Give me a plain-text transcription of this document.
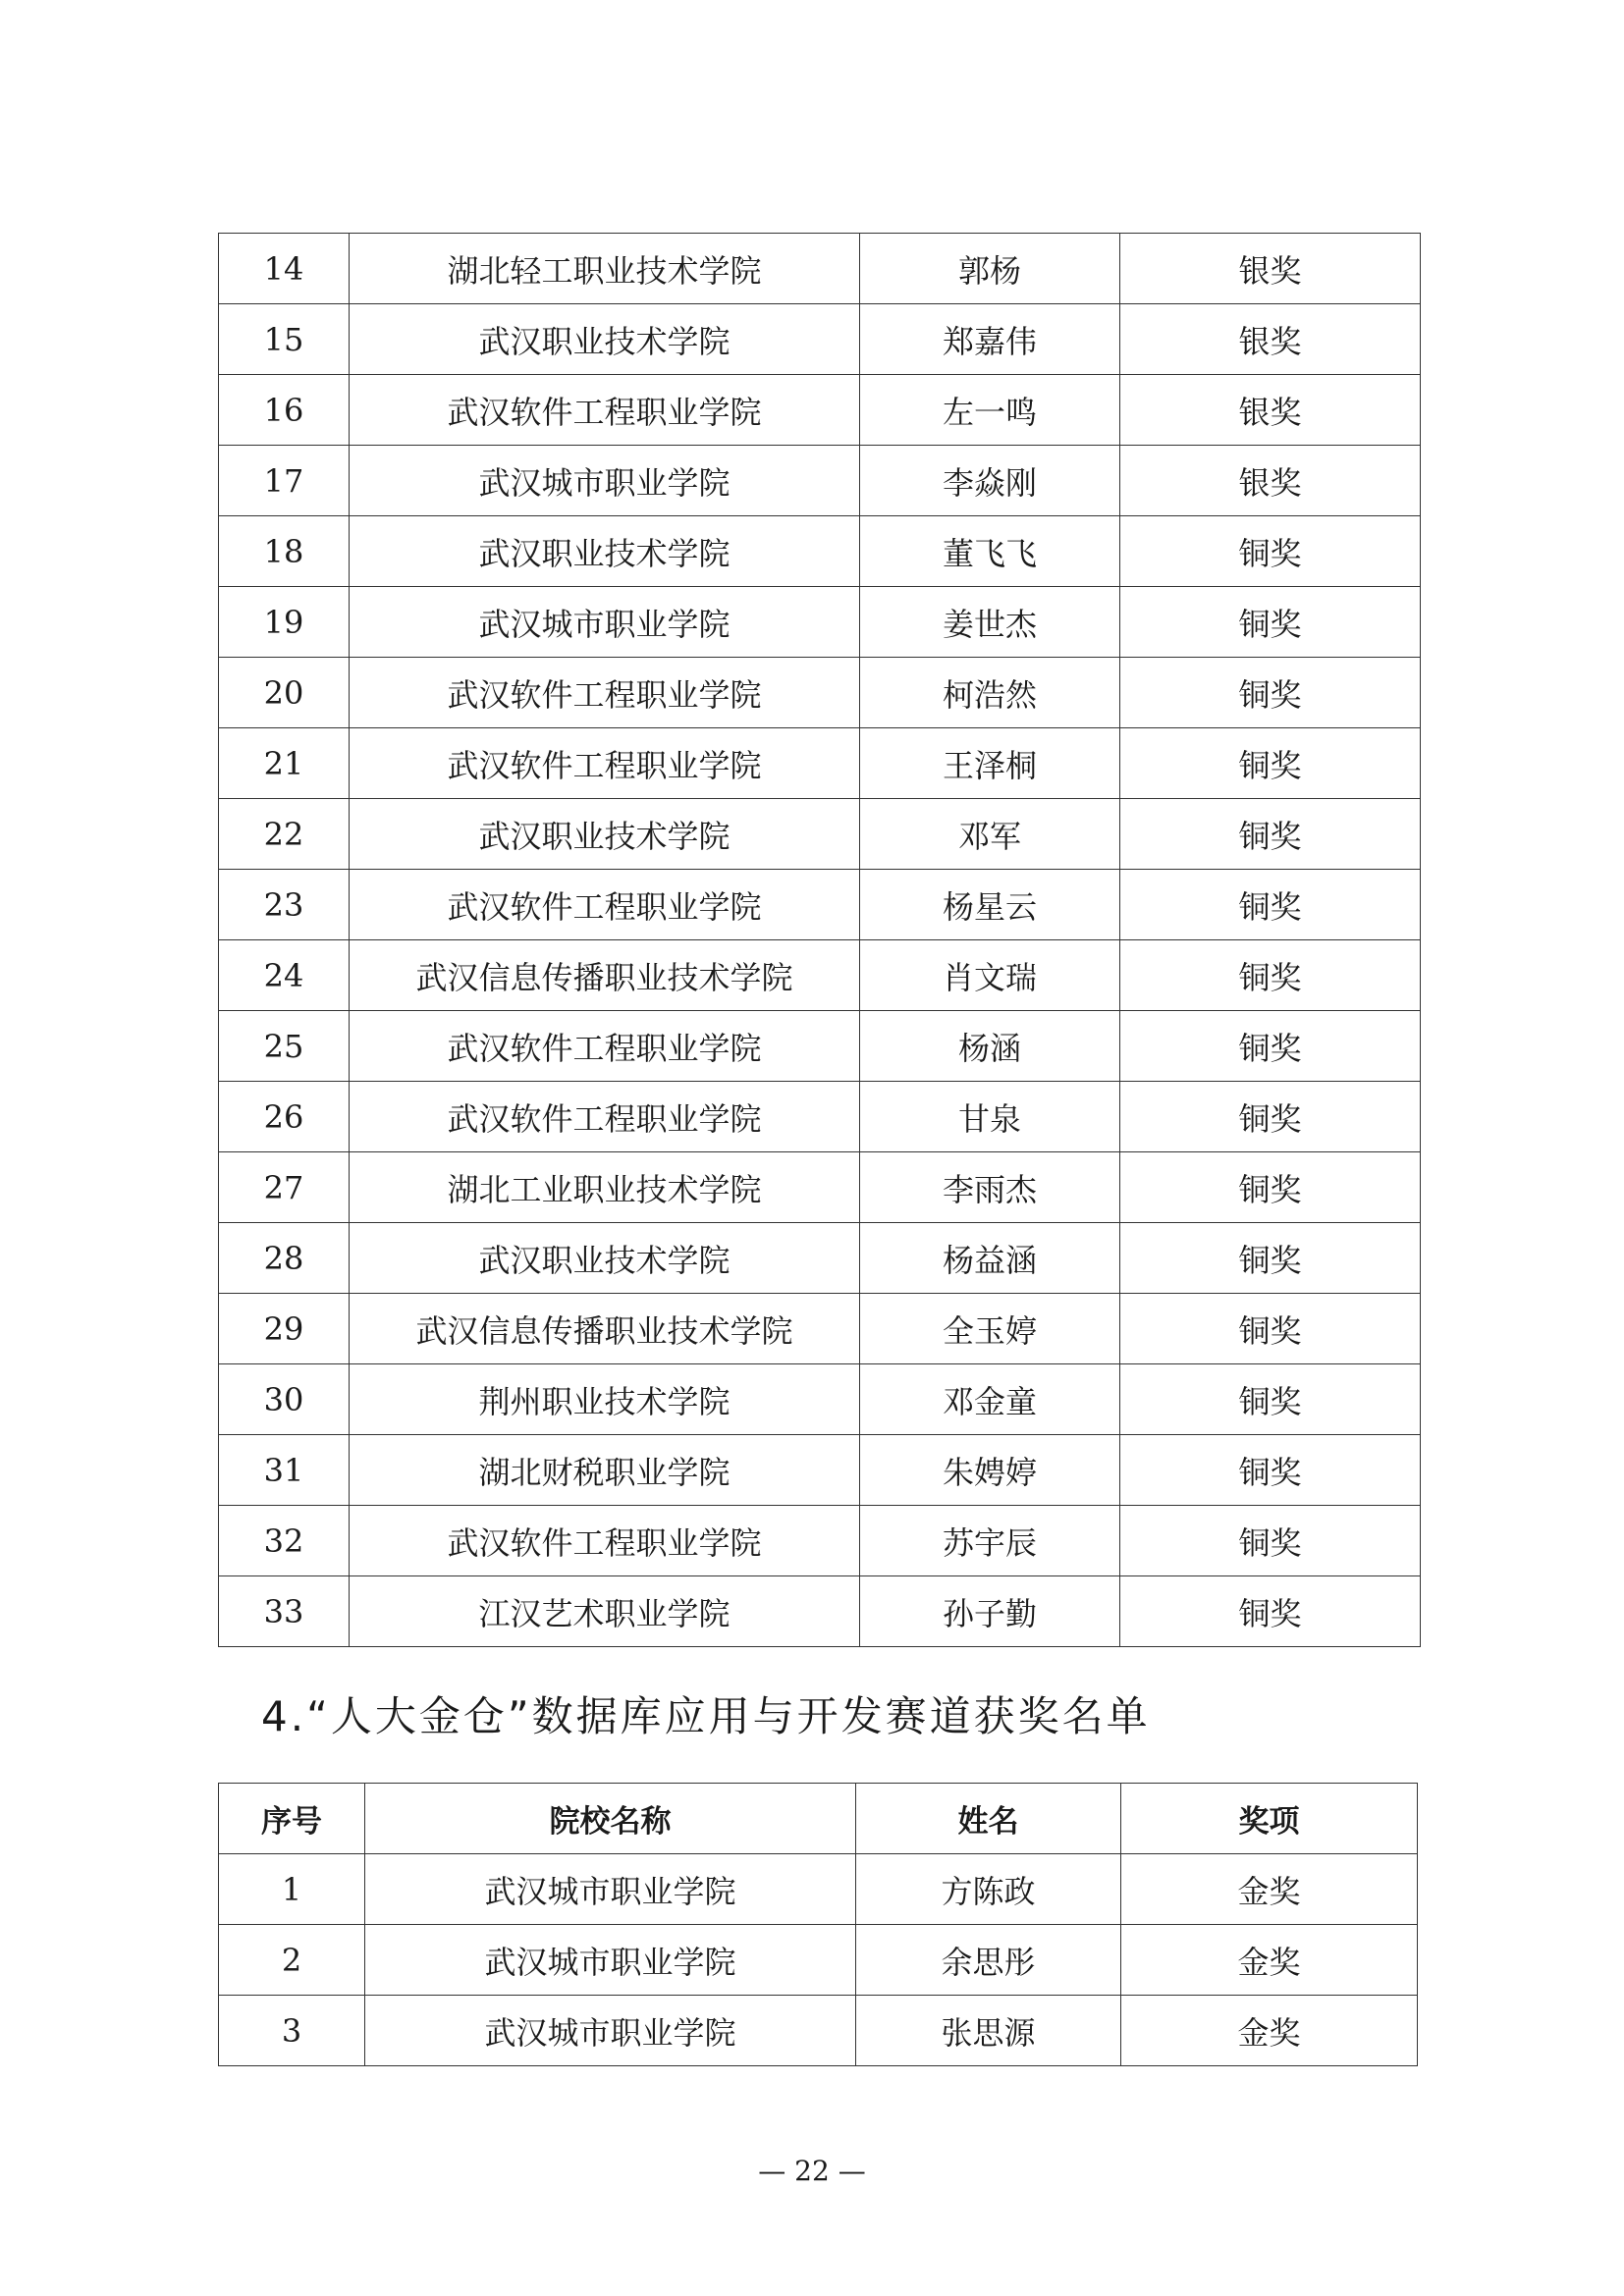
14	湖北轻工职业技术学院	郭杨	银奖
15	武汉职业技术学院	郑嘉伟	银奖
16	武汉软件工程职业学院	左一鸣	银奖
17	武汉城市职业学院	李焱刚	银奖
18	武汉职业技术学院	董飞飞	铜奖
19	武汉城市职业学院	姜世杰	铜奖
20	武汉软件工程职业学院	柯浩然	铜奖
21	武汉软件工程职业学院	王泽桐	铜奖
22	武汉职业技术学院	邓军	铜奖
23	武汉软件工程职业学院	杨星云	铜奖
24	武汉信息传播职业技术学院	肖文瑞	铜奖
25	武汉软件工程职业学院	杨涵	铜奖
26	武汉软件工程职业学院	甘泉	铜奖
27	湖北工业职业技术学院	李雨杰	铜奖
28	武汉职业技术学院	杨益涵	铜奖
29	武汉信息传播职业技术学院	全玉婷	铜奖
30	荆州职业技术学院	邓金童	铜奖
31	湖北财税职业学院	朱娉婷	铜奖
32	武汉软件工程职业学院	苏宇辰	铜奖
33	江汉艺术职业学院	孙子勤	铜奖
4.“人大金仓”数据库应用与开发赛道获奖名单
序号	院校名称	姓名	奖项
1	武汉城市职业学院	方陈政	金奖
2	武汉城市职业学院	余思彤	金奖
3	武汉城市职业学院	张思源	金奖
— 22 —
